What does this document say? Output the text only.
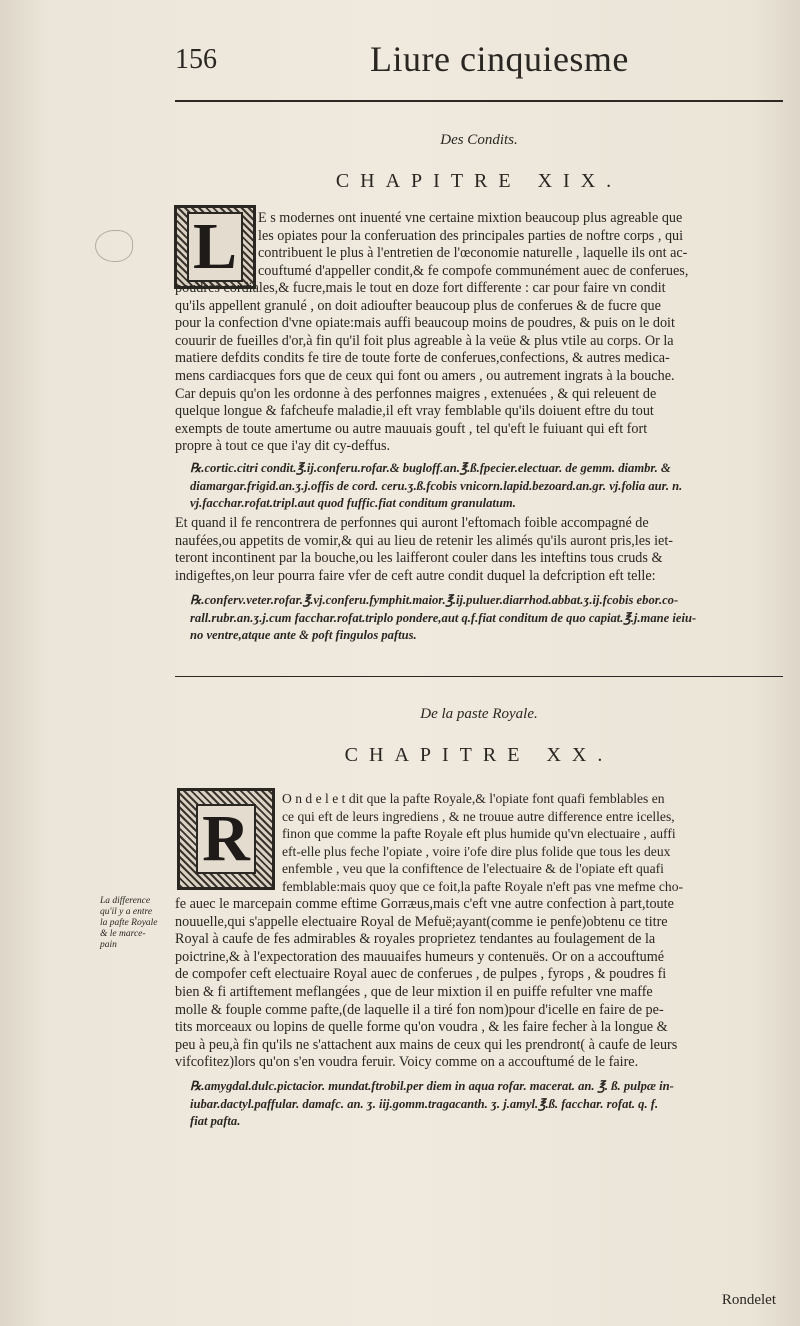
156	Liure cinquiesme
Des Condits.
CHAPITRE XIX.
L	E s modernes ont inuenté vne certaine mixtion beaucoup plus agreable que
les opiates pour la conferuation des principales parties de noftre corps , qui
contribuent le plus à l'entretien de l'œconomie naturelle , laquelle ils ont ac-
couftumé d'appeller condit,& fe compofe communément auec de conferues,
poudres cordiales,& fucre,mais le tout en doze fort differente : car pour faire vn condit
qu'ils appellent granulé , on doit adioufter beaucoup plus de conferues & de fucre que
pour la confection d'vne opiate:mais auffi beaucoup moins de poudres, & puis on le doit
couurir de fueilles d'or,à fin qu'il foit plus agreable à la veüe & plus vtile au corps. Or la
matiere defdits condits fe tire de toute forte de conferues,confections, & autres medica-
mens cardiacques fors que de ceux qui font ou amers , ou autrement ingrats à la bouche.
Car depuis qu'on les ordonne à des perfonnes maigres , extenuées , & qui releuent de
quelque longue & fafcheufe maladie,il eft vray femblable qu'ils doiuent eftre du tout
exempts de toute amertume ou autre mauuais gouft , tel qu'eft le fuiuant qui eft fort
propre à tout ce que i'ay dit cy-deffus.
℞.cortic.citri condit.℥.ij.conferu.rofar.& bugloff.an.℥.ß.fpecier.electuar. de gemm. diambr. &
diamargar.frigid.an.ʒ.j.offis de cord. ceru.ʒ.ß.fcobis vnicorn.lapid.bezoard.an.gr. vj.folia aur. n.
vj.facchar.rofat.tripl.aut quod fuffic.fiat conditum granulatum.
Et quand il fe rencontrera de perfonnes qui auront l'eftomach foible accompagné de
naufées,ou appetits de vomir,& qui au lieu de retenir les alimés qu'ils auront pris,les iet-
teront incontinent par la bouche,ou les laifferont couler dans les inteftins tous cruds &
indigeftes,on leur pourra faire vfer de ceft autre condit duquel la defcription eft telle:
℞.conferv.veter.rofar.℥.vj.conferu.fymphit.maior.℥.ij.puluer.diarrhod.abbat.ʒ.ij.fcobis ebor.co-
rall.rubr.an.ʒ.j.cum facchar.rofat.triplo pondere,aut q.f.fiat conditum de quo capiat.℥.j.mane ieiu-
no ventre,atque ante & poft fingulos paftus.
De la paste Royale.
CHAPITRE XX.
R
O n d e l e t dit que la pafte Royale,& l'opiate font quafi femblables en
ce qui eft de leurs ingrediens , & ne trouue autre difference entre icelles,
finon que comme la pafte Royale eft plus humide qu'vn electuaire , auffi
eft-elle plus feche l'opiate , voire i'ofe dire plus folide que tous les deux
enfemble , veu que la confiftence de l'electuaire & de l'opiate eft quafi
femblable:mais quoy que ce foit,la pafte Royale n'eft pas vne mefme cho-
fe auec le marcepain comme eftime Gorræus,mais c'eft vne autre confection à part,toute
nouuelle,qui s'appelle electuaire Royal de Mefuë;ayant(comme ie penfe)obtenu ce titre
Royal à caufe de fes admirables & royales proprietez tendantes au foulagement de la
poictrine,& à l'expectoration des mauuaifes humeurs y contenuës. Or on a accouftumé
de compofer ceft electuaire Royal auec de conferues , de pulpes , fyrops , & poudres fi
bien & fi artiftement meflangées , que de leur mixtion il en puiffe refulter vne maffe
molle & fouple comme pafte,(de laquelle il a tiré fon nom)pour d'icelle en faire de pe-
tits morceaux ou lopins de quelle forme qu'on voudra , & les faire fecher à la longue &
peu à peu,à fin qu'ils ne s'attachent aux mains de ceux qui les prendront( à caufe de leurs
vifcofitez)lors qu'on s'en voudra feruir. Voicy comme on a accouftumé de le faire.
℞.amygdal.dulc.pictacior. mundat.ftrobil.per diem in aqua rofar. macerat. an. ℥. ß. pulpæ in-
iubar.dactyl.paffular. damafc. an. ʒ. iij.gomm.tragacanth. ʒ. j.amyl.℥.ß. facchar. rofat. q. f.
fiat pafta.
La difference
qu'il y a entre
la pafte Royale
& le marce-
pain
Rondelet
